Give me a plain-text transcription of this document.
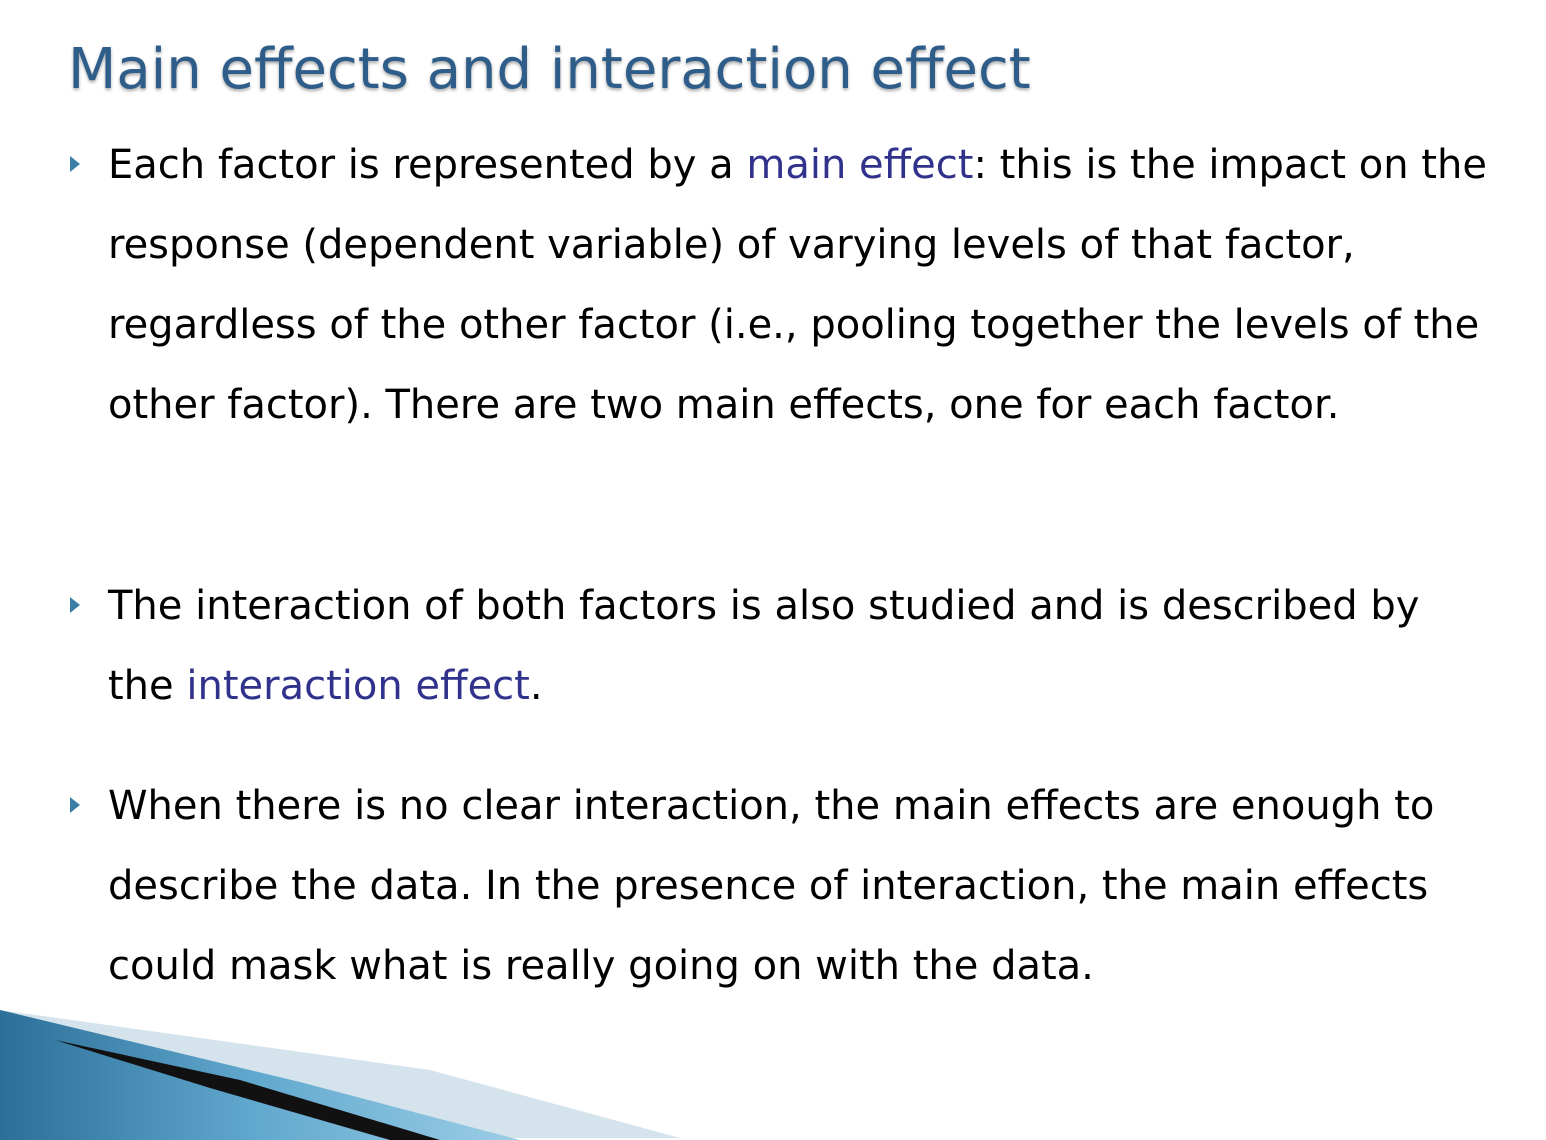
Main effects and interaction effect
Each factor is represented by a main effect: this is the impact on the response (dependent variable) of varying levels of that factor, regardless of the other factor (i.e., pooling together the levels of the other factor). There are two main effects, one for each factor.
The interaction of both factors is also studied and is described by the interaction effect.
When there is no clear interaction, the main effects are enough to describe the data. In the presence of interaction, the main effects could mask what is really going on with the data.
